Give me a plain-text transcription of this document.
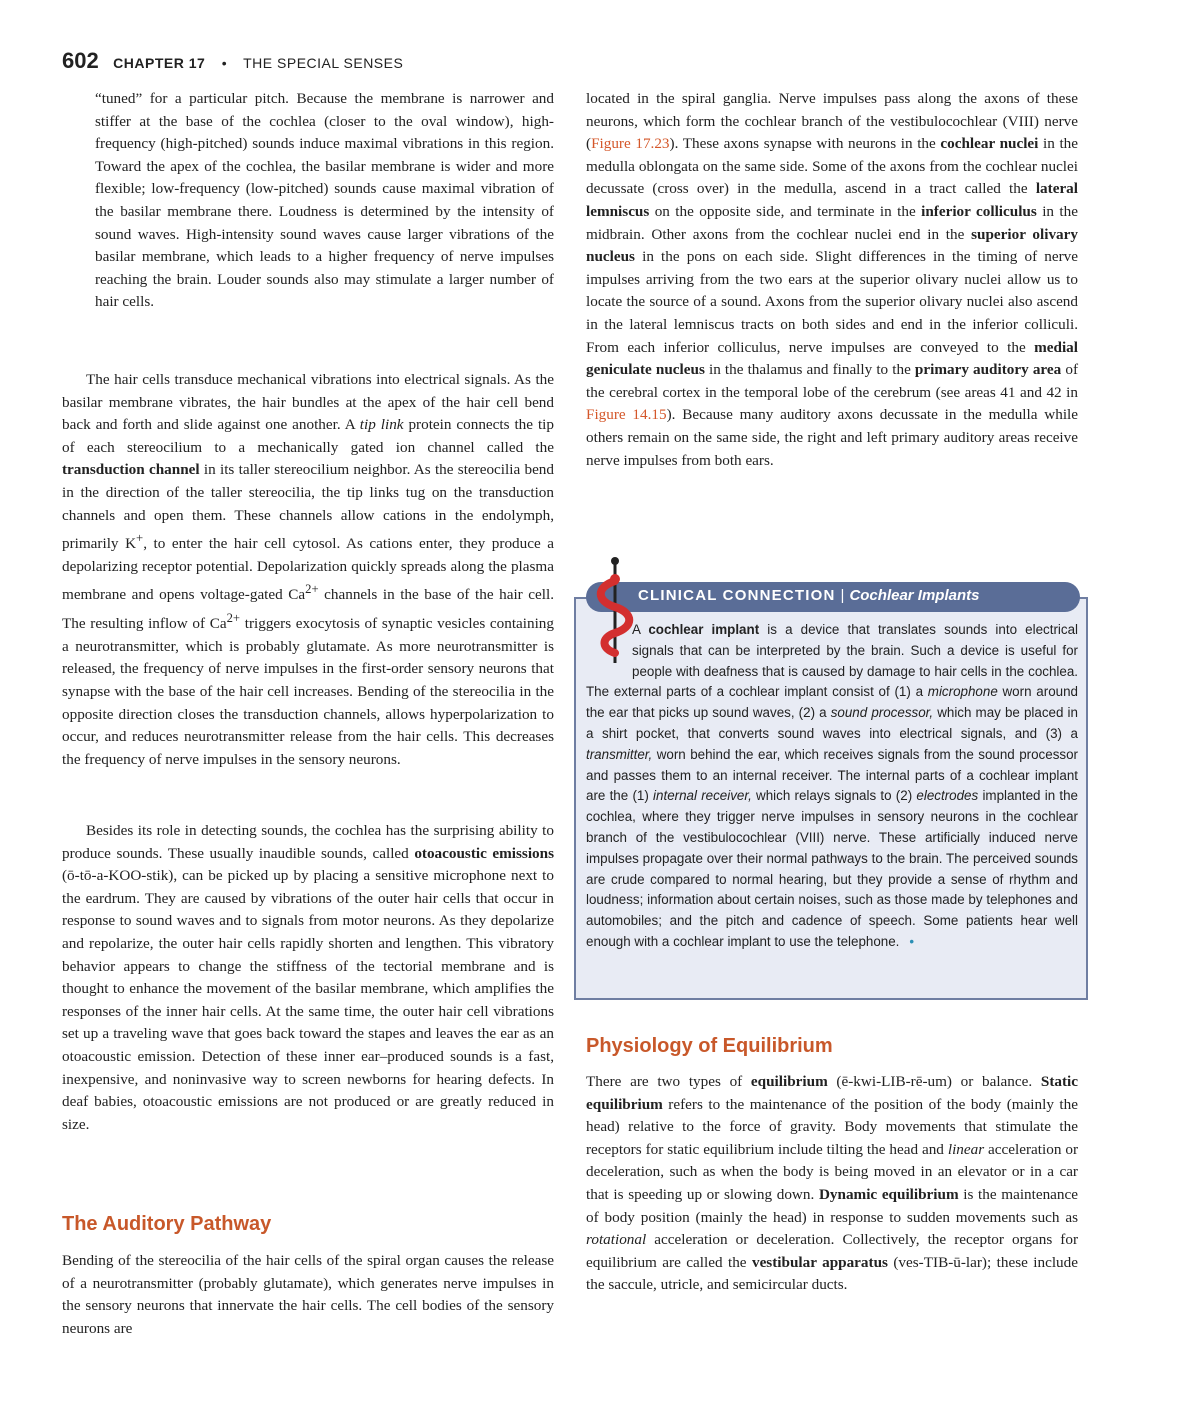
602 CHAPTER 17 • THE SPECIAL SENSES

“tuned” for a particular pitch. Because the membrane is narrower and stiffer at the base of the cochlea (closer to the oval window), high-frequency (high-pitched) sounds induce maximal vibrations in this region. Toward the apex of the cochlea, the basilar membrane is wider and more flexible; low-frequency (low-pitched) sounds cause maximal vibration of the basilar membrane there. Loudness is determined by the intensity of sound waves. High-intensity sound waves cause larger vibrations of the basilar membrane, which leads to a higher frequency of nerve impulses reaching the brain. Louder sounds also may stimulate a larger number of hair cells.

The hair cells transduce mechanical vibrations into electrical signals. As the basilar membrane vibrates, the hair bundles at the apex of the hair cell bend back and forth and slide against one another. A tip link protein connects the tip of each stereocilium to a mechanically gated ion channel called the transduction channel in its taller stereocilium neighbor. As the stereocilia bend in the direction of the taller stereocilia, the tip links tug on the transduction channels and open them. These channels allow cations in the endolymph, primarily K+, to enter the hair cell cytosol. As cations enter, they produce a depolarizing receptor potential. Depolarization quickly spreads along the plasma membrane and opens voltage-gated $Ca^{2+}$ channels in the base of the hair cell. The resulting inflow of $Ca^{2+}$ triggers exocytosis of synaptic vesicles containing a neurotransmitter, which is probably glutamate. As more neurotransmitter is released, the frequency of nerve impulses in the first-order sensory neurons that synapse with the base of the hair cell increases. Bending of the stereocilia in the opposite direction closes the transduction channels, allows hyperpolarization to occur, and reduces neurotransmitter release from the hair cells. This decreases the frequency of nerve impulses in the sensory neurons.

Besides its role in detecting sounds, the cochlea has the surprising ability to produce sounds. These usually inaudible sounds, called otoacoustic emissions (ō-tō-a-KOO-stik), can be picked up by placing a sensitive microphone next to the eardrum. They are caused by vibrations of the outer hair cells that occur in response to sound waves and to signals from motor neurons. As they depolarize and repolarize, the outer hair cells rapidly shorten and lengthen. This vibratory behavior appears to change the stiffness of the tectorial membrane and is thought to enhance the movement of the basilar membrane, which amplifies the responses of the inner hair cells. At the same time, the outer hair cell vibrations set up a traveling wave that goes back toward the stapes and leaves the ear as an otoacoustic emission. Detection of these inner ear–produced sounds is a fast, inexpensive, and noninvasive way to screen newborns for hearing defects. In deaf babies, otoacoustic emissions are not produced or are greatly reduced in size.

The Auditory Pathway

Bending of the stereocilia of the hair cells of the spiral organ causes the release of a neurotransmitter (probably glutamate), which generates nerve impulses in the sensory neurons that innervate the hair cells. The cell bodies of the sensory neurons are

located in the spiral ganglia. Nerve impulses pass along the axons of these neurons, which form the cochlear branch of the vestibulocochlear (VIII) nerve (Figure 17.23). These axons synapse with neurons in the cochlear nuclei in the medulla oblongata on the same side. Some of the axons from the cochlear nuclei decussate (cross over) in the medulla, ascend in a tract called the lateral lemniscus on the opposite side, and terminate in the inferior colliculus in the midbrain. Other axons from the cochlear nuclei end in the superior olivary nucleus in the pons on each side. Slight differences in the timing of nerve impulses arriving from the two ears at the superior olivary nuclei allow us to locate the source of a sound. Axons from the superior olivary nuclei also ascend in the lateral lemniscus tracts on both sides and end in the inferior colliculi. From each inferior colliculus, nerve impulses are conveyed to the medial geniculate nucleus in the thalamus and finally to the primary auditory area of the cerebral cortex in the temporal lobe of the cerebrum (see areas 41 and 42 in Figure 14.15). Because many auditory axons decussate in the medulla while others remain on the same side, the right and left primary auditory areas receive nerve impulses from both ears.

CLINICAL CONNECTION | Cochlear Implants

A cochlear implant is a device that translates sounds into electrical signals that can be interpreted by the brain. Such a device is useful for people with deafness that is caused by damage to hair cells in the cochlea. The external parts of a cochlear implant consist of (1) a microphone worn around the ear that picks up sound waves, (2) a sound processor, which may be placed in a shirt pocket, that converts sound waves into electrical signals, and (3) a transmitter, worn behind the ear, which receives signals from the sound processor and passes them to an internal receiver. The internal parts of a cochlear implant are the (1) internal receiver, which relays signals to (2) electrodes implanted in the cochlea, where they trigger nerve impulses in sensory neurons in the cochlear branch of the vestibulocochlear (VIII) nerve. These artificially induced nerve impulses propagate over their normal pathways to the brain. The perceived sounds are crude compared to normal hearing, but they provide a sense of rhythm and loudness; information about certain noises, such as those made by telephones and automobiles; and the pitch and cadence of speech. Some patients hear well enough with a cochlear implant to use the telephone. •

Physiology of Equilibrium

There are two types of equilibrium (ē-kwi-LIB-rē-um) or balance. Static equilibrium refers to the maintenance of the position of the body (mainly the head) relative to the force of gravity. Body movements that stimulate the receptors for static equilibrium include tilting the head and linear acceleration or deceleration, such as when the body is being moved in an elevator or in a car that is speeding up or slowing down. Dynamic equilibrium is the maintenance of body position (mainly the head) in response to sudden movements such as rotational acceleration or deceleration. Collectively, the receptor organs for equilibrium are called the vestibular apparatus (ves-TIB-ū-lar); these include the saccule, utricle, and semicircular ducts.
